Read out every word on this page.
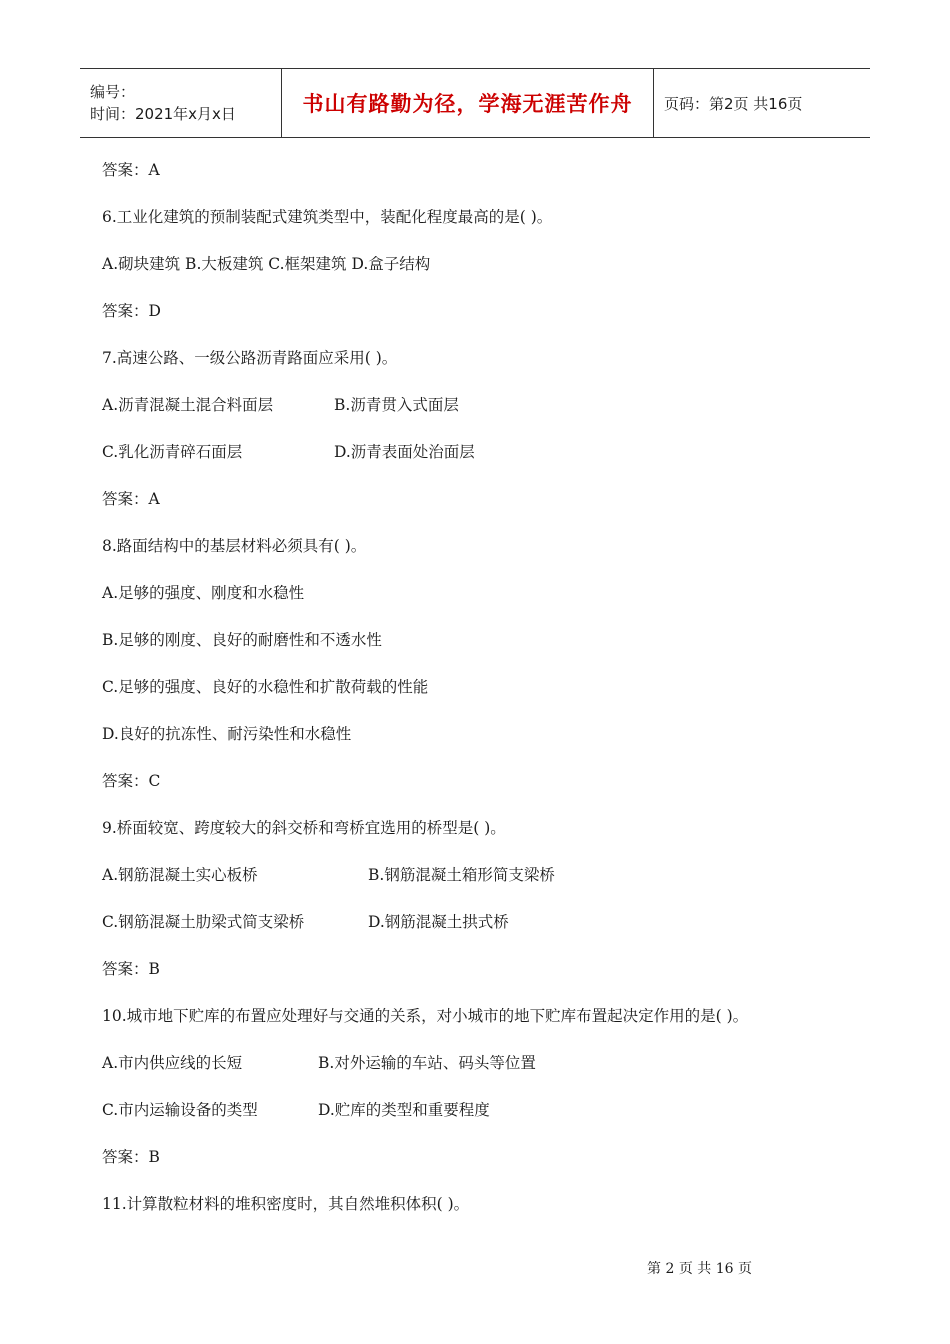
编号：
时间：2021年x月x日	书山有路勤为径，学海无涯苦作舟	页码：第2页 共16页
答案：A
6.工业化建筑的预制装配式建筑类型中，装配化程度最高的是( )。
A.砌块建筑 B.大板建筑 C.框架建筑 D.盒子结构
答案：D
7.高速公路、一级公路沥青路面应采用( )。
A.沥青混凝土混合料面层	B.沥青贯入式面层
C.乳化沥青碎石面层	D.沥青表面处治面层
答案：A
8.路面结构中的基层材料必须具有( )。
A.足够的强度、刚度和水稳性
B.足够的刚度、良好的耐磨性和不透水性
C.足够的强度、良好的水稳性和扩散荷载的性能
D.良好的抗冻性、耐污染性和水稳性
答案：C
9.桥面较宽、跨度较大的斜交桥和弯桥宜选用的桥型是( )。
A.钢筋混凝土实心板桥	B.钢筋混凝土箱形简支梁桥
C.钢筋混凝土肋梁式简支梁桥	D.钢筋混凝土拱式桥
答案：B
10.城市地下贮库的布置应处理好与交通的关系，对小城市的地下贮库布置起决定作用的是( )。
A.市内供应线的长短	B.对外运输的车站、码头等位置
C.市内运输设备的类型	D.贮库的类型和重要程度
答案：B
11.计算散粒材料的堆积密度时，其自然堆积体积( )。
第 2 页 共 16 页
